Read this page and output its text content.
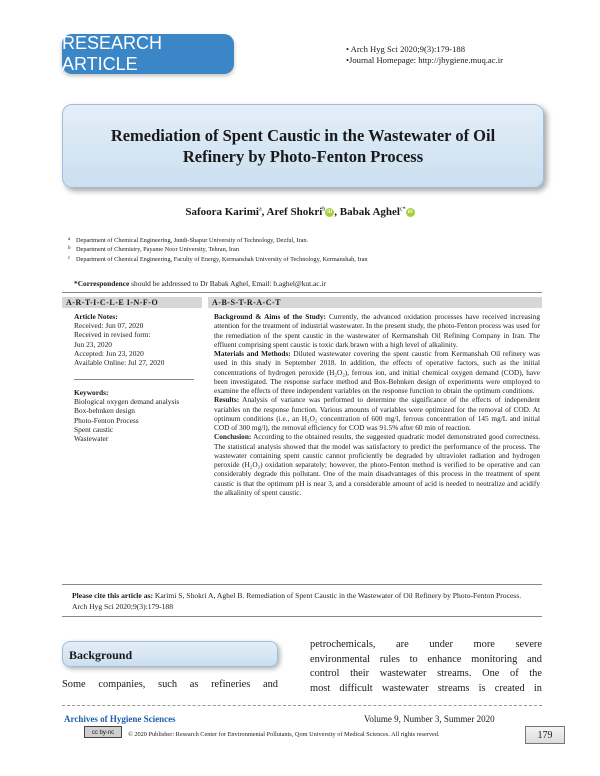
RESEARCH ARTICLE
• Arch Hyg Sci 2020;9(3):179-188
•Journal Homepage: http://jhygiene.muq.ac.ir
Remediation of Spent Caustic in the Wastewater of Oil Refinery by Photo-Fenton Process
Safoora Karimi$^a$, Aref Shokri$^b$iD , Babak Aghel$^{c*}$iD
a Department of Chemical Engineering, Jundi-Shapur University of Technology, Dezful, Iran.
b Department of Chemistry, Payame Noor University, Tehran, Iran
c Department of Chemical Engineering, Faculty of Energy, Kermanshah University of Technology, Kermanshah, Iran
*Correspondence should be addressed to Dr Babak Aghel, Email: b.aghel@kut.ac.ir
A-R-T-I-C-L-E I-N-F-O	A-B-S-T-R-A-C-T
Article Notes:
Received: Jun 07, 2020
Received in revised form:
Jun 23, 2020
Accepted: Jun 23, 2020
Available Online: Jul 27, 2020
Keywords:
Biological oxygen demand analysis
Box-behnken design
Photo-Fenton Process
Spent caustic
Wastewater

Background & Aims of the Study: Currently, the advanced oxidation processes have received increasing attention for the treatment of industrial wastewater. In the present study, the photo-Fenton process was used for the remediation of the spent caustic in the wastewater of Kermanshah Oil Refining Company in Iran. The effluent comprising spent caustic is toxic dark brawn with a high level of alkalinity.

Materials and Methods: Diluted wastewater covering the spent caustic from Kermanshah Oil refinery was used in this study in September 2018. In addition, the effects of operative factors, such as the initial concentrations of hydrogen peroxide (H₂O₂), ferrous ion, and initial chemical oxygen demand (COD), have been investigated. The response surface method and Box-Behnken design of experiments were employed to examine the effects of three independent variables on the response function to obtain the optimum conditions.

Results: Analysis of variance was performed to determine the significance of the effects of independent variables on the response function. Various amounts of variables were optimized for the removal of COD. At optimum conditions (i.e., an H₂O₂ concentration of 600 mg/l, ferrous concentration of 145 mg/L and initial COD of 300 mg/l), the removal efficiency for COD was 91.5% after 60 min of reaction.

Conclusion: According to the obtained results, the suggested quadratic model demonstrated good correctness. The statistical analysis showed that the model was satisfactory to predict the performance of the process. The wastewater containing spent caustic cannot proficiently be degraded by ultraviolet radiation and hydrogen peroxide (H₂O₂) oxidation separately; however, the photo-Fenton method is verified to be operative and can considerably degrade this pollutant. One of the main disadvantages of this process in the treatment of spent caustic is that the optimum pH is near 3, and a considerable amount of acid is needed to neutralize and acidify the alkalinity of spent caustic.

Please cite this article as: Karimi S, Shokri A, Aghel B. Remediation of Spent Caustic in the Wastewater of Oil Refinery by Photo-Fenton Process. Arch Hyg Sci 2020;9(3):179-188
Background
Some companies, such as refineries and
petrochemicals, are under more severe
environmental rules to enhance monitoring and
control their wastewater streams. One of the
most difficult wastewater streams is created in
Archives of Hygiene Sciences	Volume 9, Number 3, Summer 2020
cc by-nc	© 2020 Publisher: Research Center for Environmental Pollutants, Qom University of Medical Sciences. All rights reserved.	179
